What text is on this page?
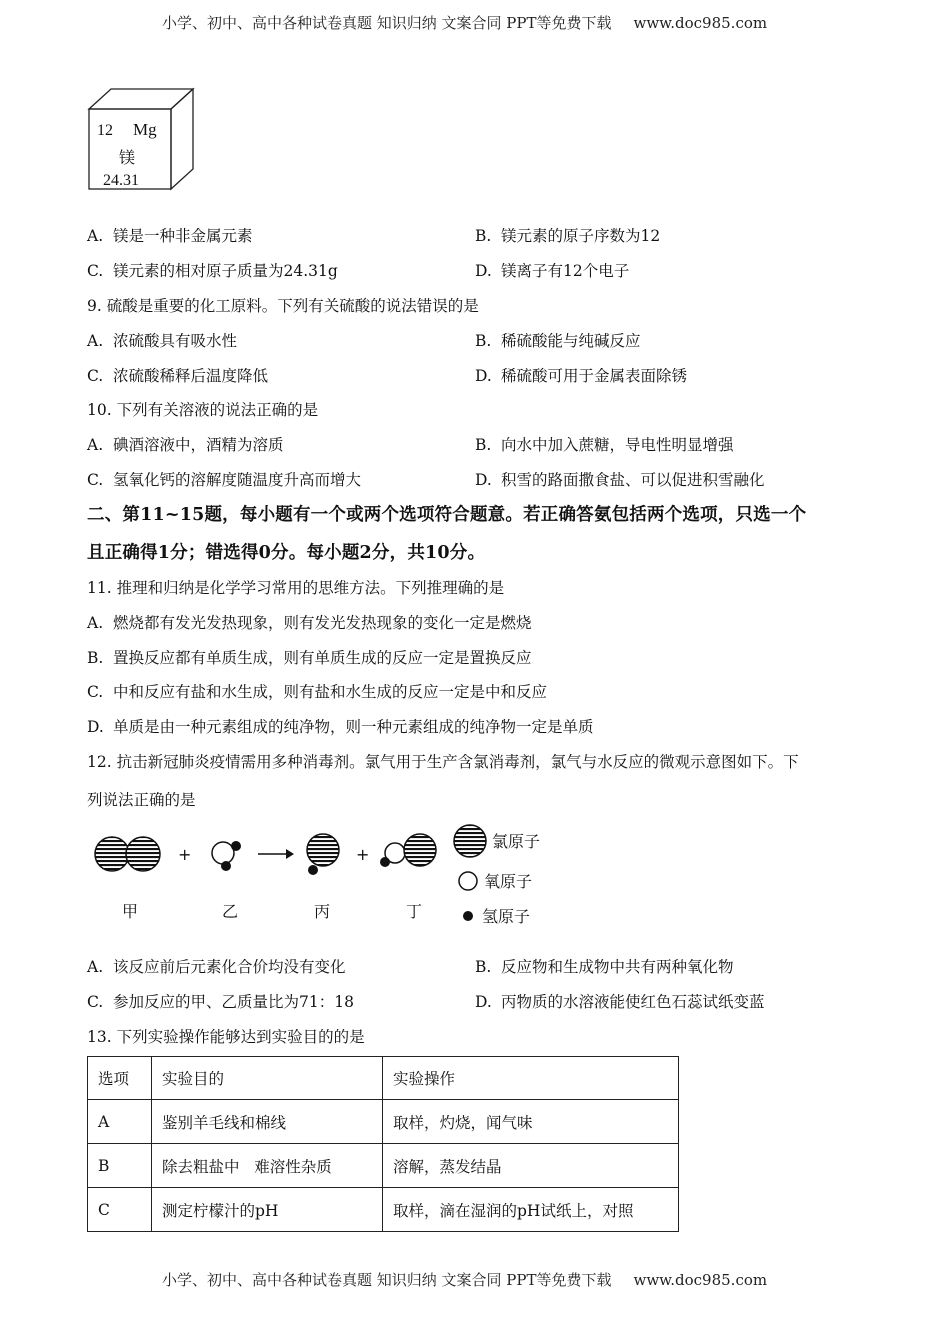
小学、初中、高中各种试卷真题 知识归纳 文案合同 PPT等免费下载 www.doc985.com
12 Mg
镁
24.31
A. 镁是一种非金属元素	B. 镁元素的原子序数为12
C. 镁元素的相对原子质量为24.31g	D. 镁离子有12个电子
9. 硫酸是重要的化工原料。下列有关硫酸的说法错误的是
A. 浓硫酸具有吸水性	B. 稀硫酸能与纯碱反应
C. 浓硫酸稀释后温度降低	D. 稀硫酸可用于金属表面除锈
10. 下列有关溶液的说法正确的是
A. 碘酒溶液中，酒精为溶质	B. 向水中加入蔗糖，导电性明显增强
C. 氢氧化钙的溶解度随温度升高而增大	D. 积雪的路面撒食盐、可以促进积雪融化
二、第11~15题，每小题有一个或两个选项符合题意。若正确答氨包括两个选项，只选一个
且正确得1分；错选得0分。每小题2分，共10分。
11. 推理和归纳是化学学习常用的思维方法。下列推理确的是
A. 燃烧都有发光发热现象，则有发光发热现象的变化一定是燃烧
B. 置换反应都有单质生成，则有单质生成的反应一定是置换反应
C. 中和反应有盐和水生成，则有盐和水生成的反应一定是中和反应
D. 单质是由一种元素组成的纯净物，则一种元素组成的纯净物一定是单质
12. 抗击新冠肺炎疫情需用多种消毒剂。氯气用于生产含氯消毒剂，氯气与水反应的微观示意图如下。下
列说法正确的是
+	+
甲	乙	丙	丁
氯原子
氧原子
氢原子
A. 该反应前后元素化合价均没有变化	B. 反应物和生成物中共有两种氧化物
C. 参加反应的甲、乙质量比为71：18	D. 丙物质的水溶液能使红色石蕊试纸变蓝
13. 下列实验操作能够达到实验目的的是
选项	实验目的	实验操作
A	鉴别羊毛线和棉线	取样，灼烧，闻气味
B	除去粗盐中   难溶性杂质	溶解，蒸发结晶
C	测定柠檬汁的pH	取样，滴在湿润的pH试纸上，对照
小学、初中、高中各种试卷真题 知识归纳 文案合同 PPT等免费下载 www.doc985.com
